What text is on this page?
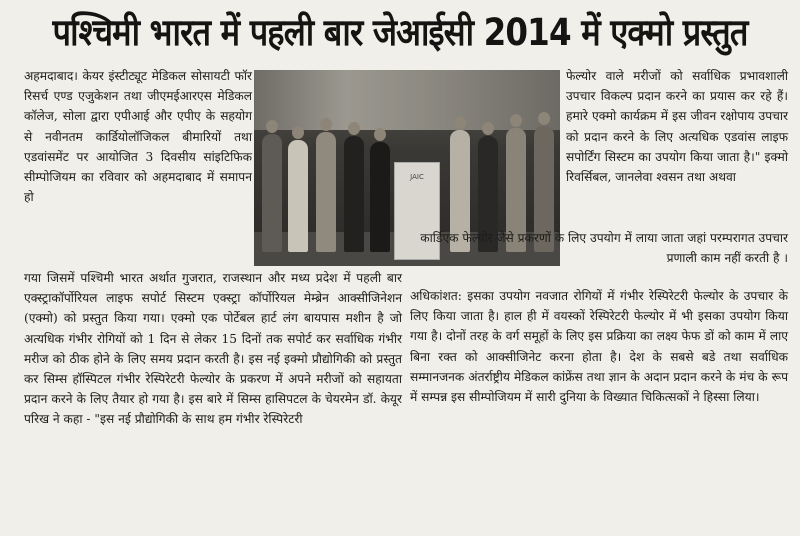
पश्चिमी भारत में पहली बार जेआईसी 2014 में एक्मो प्रस्तुत

अहमदाबाद। केयर इंस्टीट्यूट मेडिकल सोसायटी फॉर रिसर्च एण्ड एजुकेशन तथा जीएमईआरएस मेडिकल कॉलेज, सोला द्वारा एपीआई और एपीए के सहयोग से नवीनतम कार्डियोलॉजिकल बीमारियों तथा एडवांसमेंट पर आयोजित 3 दिवसीय सांइटिफिक सीम्पोजियम का रविवार को अहमदाबाद में समापन हो

JAIC

फेल्योर वाले मरीजों को सर्वाधिक प्रभावशाली उपचार विकल्प प्रदान करने का प्रयास कर रहे हैं। हमारे एक्मो कार्यक्रम में इस जीवन रक्षोपाय उपचार को प्रदान करने के लिए अत्यधिक एडवांस लाइफ सपोर्टिंग सिस्टम का उपयोग किया जाता है।" इक्मो रिवर्सिबल, जानलेवा श्वसन तथा अथवा

कार्डिएक फेल्योर जैसे प्रकरणों के लिए उपयोग में लाया जाता जहां परम्परागत उपचार प्रणाली काम नहीं करती है ।

गया जिसमें पश्चिमी भारत अर्थात गुजरात, राजस्थान और मध्य प्रदेश में पहली बार एक्स्ट्राकॉर्पोरियल लाइफ सपोर्ट सिस्टम एक्स्ट्रा कॉर्पोरियल मेम्ब्रेन आक्सीजिनेशन (एक्मो) को प्रस्तुत किया गया। एक्मो एक पोर्टेबल हार्ट लंग बायपास मशीन है जो अत्यधिक गंभीर रोगियों को 1 दिन से लेकर 15 दिनों तक सपोर्ट कर सर्वाधिक गंभीर मरीज को ठीक होने के लिए समय प्रदान करती है। इस नई इक्मो प्रौद्योगिकी को प्रस्तुत कर सिम्स हॉस्पिटल गंभीर रेस्पिरेटरी फेल्योर के प्रकरण में अपने मरीजों को सहायता प्रदान करने के लिए तैयार हो गया है। इस बारे में सिम्स हासिपटल के चेयरमेन डॉ. केयूर परिख ने कहा - "इस नई प्रौद्योगिकी के साथ हम गंभीर रेस्पिरेटरी

अधिकांशत: इसका उपयोग नवजात रोगियों में गंभीर रेस्पिरेटरी फेल्योर के उपचार के लिए किया जाता है। हाल ही में वयस्कों रेस्पिरेटरी फेल्योर में भी इसका उपयोग किया गया है। दोनों तरह के वर्ग समूहों के लिए इस प्रक्रिया का लक्ष्य फेफ डों को काम में लाए बिना रक्त को आक्सीजिनेट करना होता है। देश के सबसे बडे तथा सर्वाधिक सम्मानजनक अंतर्राष्ट्रीय मेडिकल कांफ्रेंस तथा ज्ञान के अदान प्रदान करने के मंच के रूप में सम्पन्न इस सीम्पोजियम में सारी दुनिया के विख्यात चिकित्सकों ने हिस्सा लिया।
